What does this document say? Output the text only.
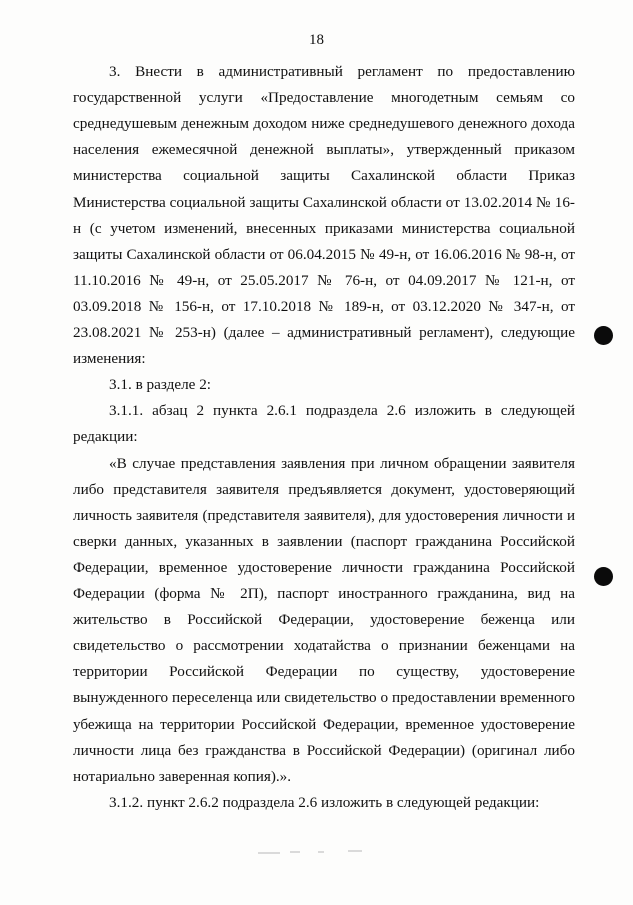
18
3. Внести в административный регламент по предоставлению
государственной услуги «Предоставление многодетным семьям со
среднедушевым денежным доходом ниже среднедушевого денежного дохода
населения ежемесячной денежной выплаты», утвержденный приказом
министерства социальной защиты Сахалинской области Приказ
Министерства социальной защиты Сахалинской области от 13.02.2014 № 16-
н (с учетом изменений, внесенных приказами министерства социальной
защиты Сахалинской области от 06.04.2015 № 49-н, от 16.06.2016 № 98-н, от
11.10.2016 № 49-н, от 25.05.2017 № 76-н, от 04.09.2017 № 121-н, от
03.09.2018 № 156-н, от 17.10.2018 № 189-н, от 03.12.2020 № 347-н, от
23.08.2021 № 253-н) (далее – административный регламент), следующие
изменения:
3.1. в разделе 2:
3.1.1. абзац 2 пункта 2.6.1 подраздела 2.6 изложить в следующей
редакции:
«В случае представления заявления при личном обращении заявителя
либо представителя заявителя предъявляется документ, удостоверяющий
личность заявителя (представителя заявителя), для удостоверения личности и
сверки данных, указанных в заявлении (паспорт гражданина Российской
Федерации, временное удостоверение личности гражданина Российской
Федерации (форма № 2П), паспорт иностранного гражданина, вид на
жительство в Российской Федерации, удостоверение беженца или
свидетельство о рассмотрении ходатайства о признании беженцами на
территории Российской Федерации по существу, удостоверение
вынужденного переселенца или свидетельство о предоставлении временного
убежища на территории Российской Федерации, временное удостоверение
личности лица без гражданства в Российской Федерации) (оригинал либо
нотариально заверенная копия).».
3.1.2. пункт 2.6.2 подраздела 2.6 изложить в следующей редакции:
